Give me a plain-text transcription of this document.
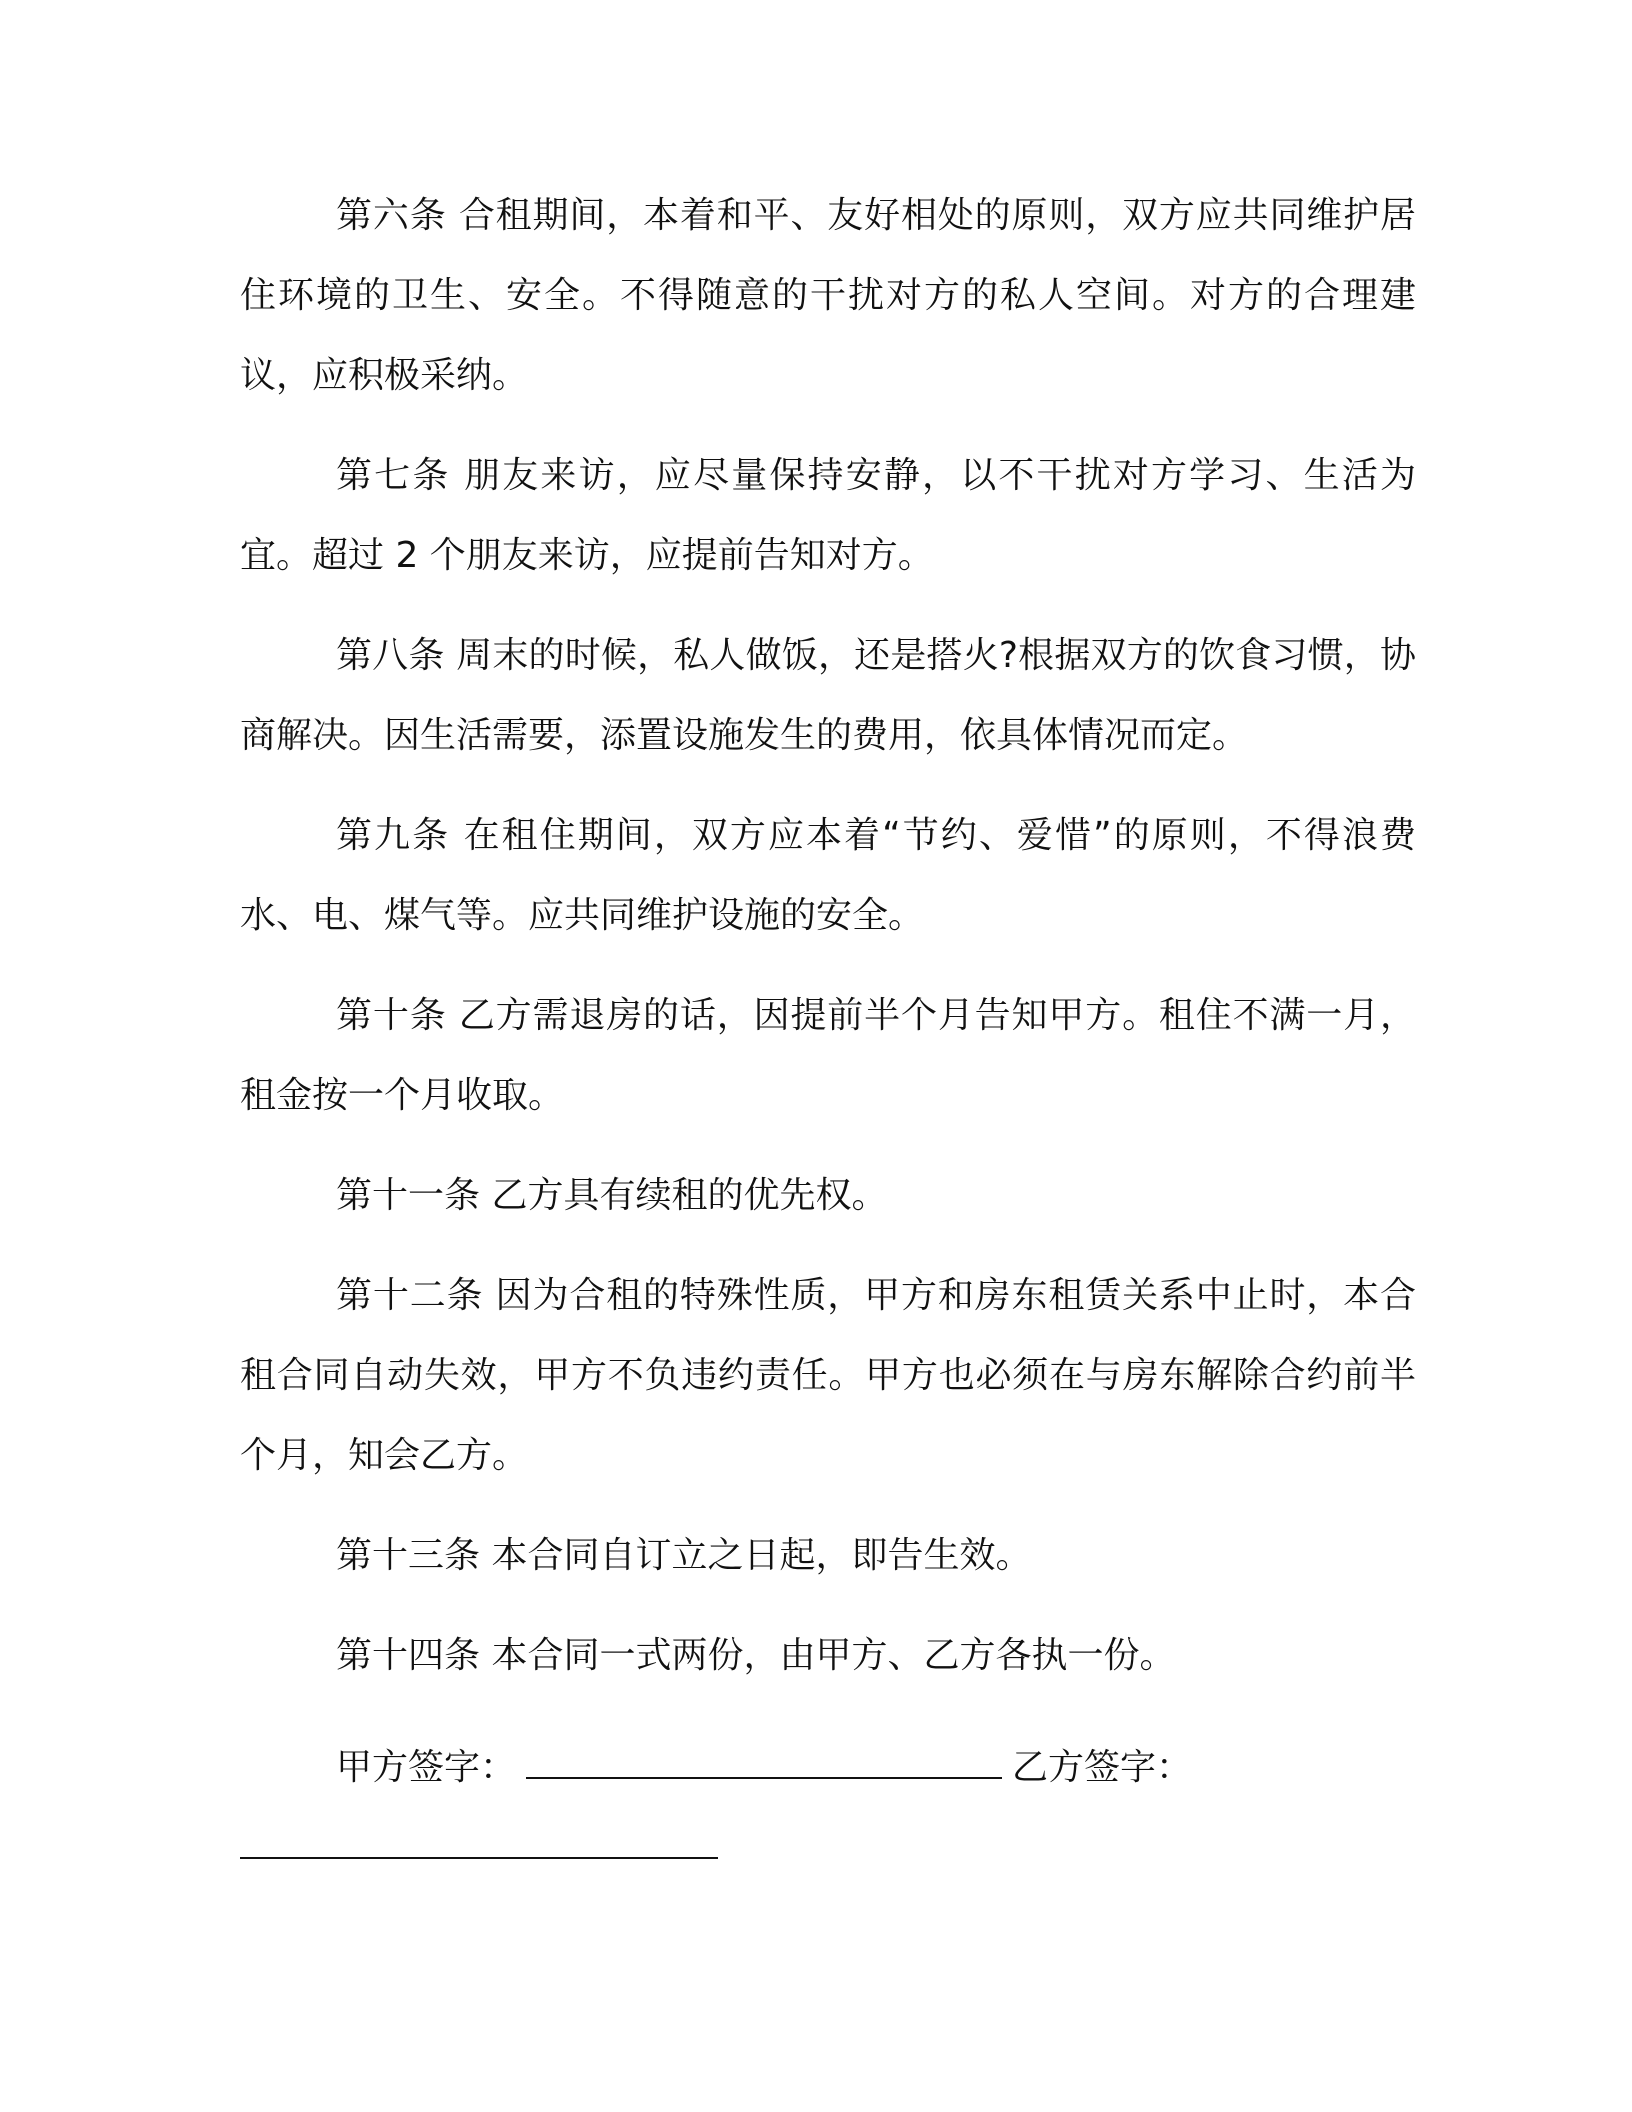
第六条 合租期间，本着和平、友好相处的原则，双方应共同维护居住环境的卫生、安全。不得随意的干扰对方的私人空间。对方的合理建议，应积极采纳。

第七条 朋友来访，应尽量保持安静，以不干扰对方学习、生活为宜。超过 2 个朋友来访，应提前告知对方。

第八条 周末的时候，私人做饭，还是搭火?根据双方的饮食习惯，协商解决。因生活需要，添置设施发生的费用，依具体情况而定。

第九条 在租住期间，双方应本着“节约、爱惜”的原则，不得浪费水、电、煤气等。应共同维护设施的安全。

第十条 乙方需退房的话，因提前半个月告知甲方。租住不满一月，租金按一个月收取。

第十一条 乙方具有续租的优先权。

第十二条 因为合租的特殊性质，甲方和房东租赁关系中止时，本合租合同自动失效，甲方不负违约责任。甲方也必须在与房东解除合约前半个月，知会乙方。

第十三条 本合同自订立之日起，即告生效。

第十四条 本合同一式两份，由甲方、乙方各执一份。

甲方签字：	乙方签字：
